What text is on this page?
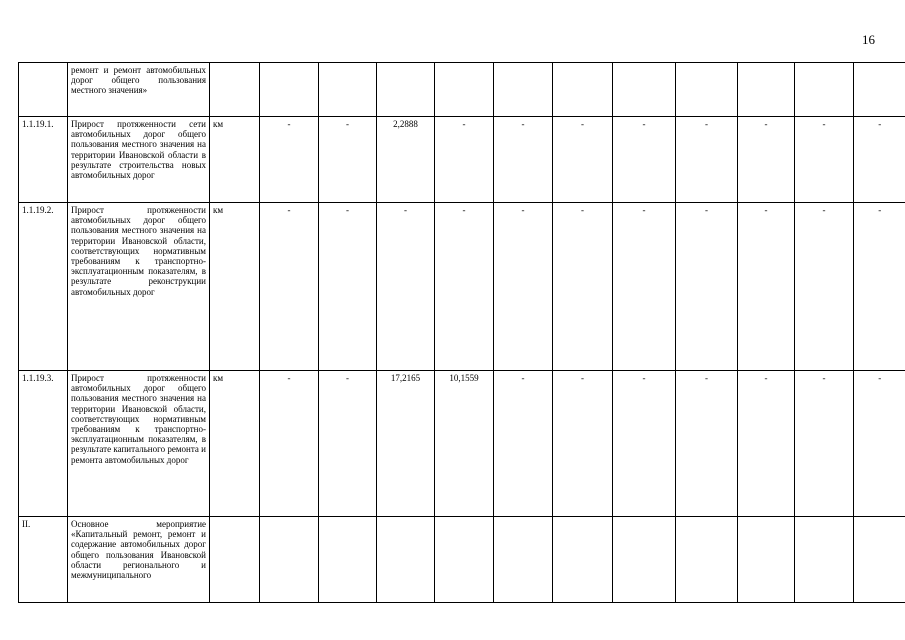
16
	ремонт и ремонт автомобильных дорог общего пользования местного значения»												
1.1.19.1.	Прирост протяженности сети автомобильных дорог общего пользования местного значения на территории Ивановской области в результате строительства новых автомобильных дорог	км	-	-	2,2888	-	-	-	-	-	-	-	-
1.1.19.2.	Прирост протяженности автомобильных дорог общего пользования местного значения на территории Ивановской области, соответствующих нормативным требованиям к транспортно-эксплуатационным показателям, в результате реконструкции автомобильных дорог	км	-	-	-	-	-	-	-	-	-	-	-
1.1.19.3.	Прирост протяженности автомобильных дорог общего пользования местного значения на территории Ивановской области, соответствующих нормативным требованиям к транспортно-эксплуатационным показателям, в результате капитального ремонта и ремонта автомобильных дорог	км	-	-	17,2165	10,1559	-	-	-	-	-	-	-
II.	Основное мероприятие «Капитальный ремонт, ремонт и содержание автомобильных дорог общего пользования Ивановской области регионального и межмуниципального												
